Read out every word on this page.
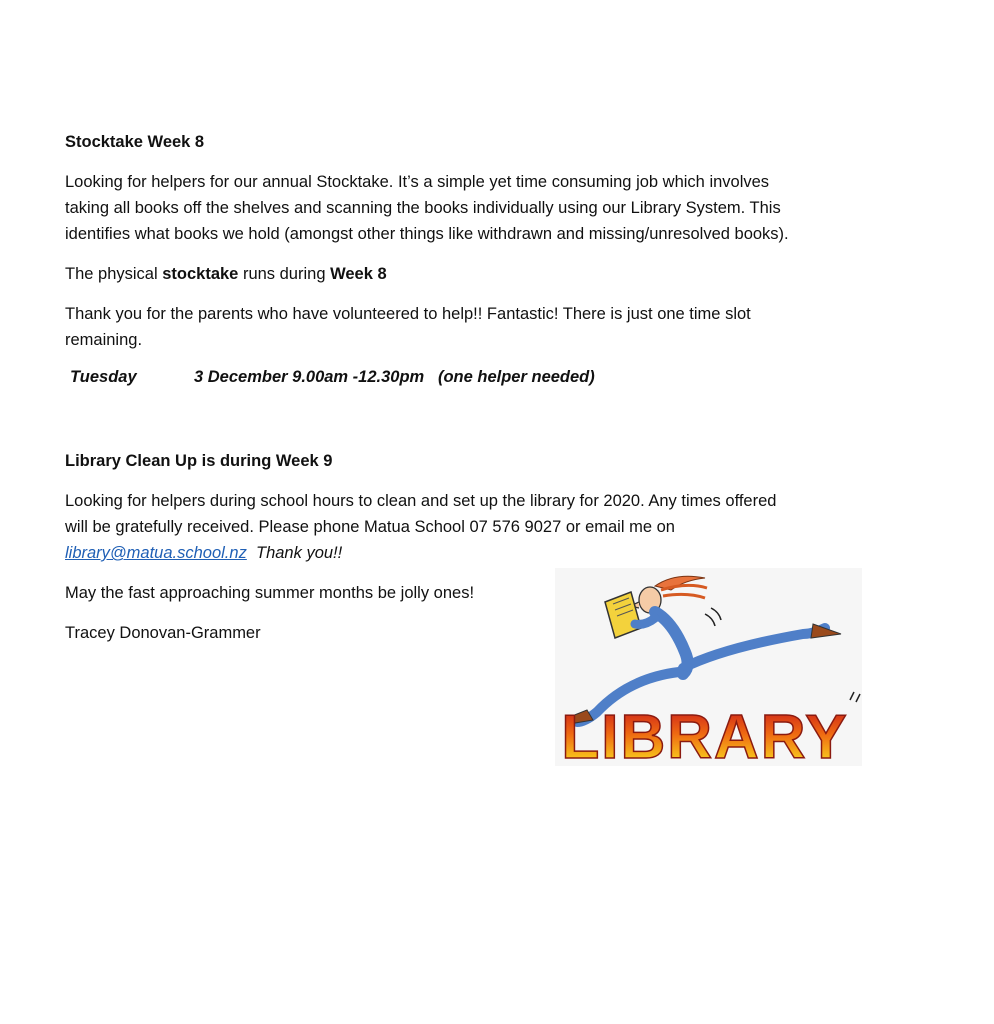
Stocktake Week 8

Looking for helpers for our annual Stocktake. It’s a simple yet time consuming job which involves

taking all books off the shelves and scanning the books individually using our Library System. This

identifies what books we hold (amongst other things like withdrawn and missing/unresolved books).

The physical stocktake runs during Week 8

Thank you for the parents who have volunteered to help!! Fantastic! There is just one time slot

remaining.

Tuesday	3 December 9.00am -12.30pm   (one helper needed)

Library Clean Up is during Week 9

Looking for helpers during school hours to clean and set up the library for 2020. Any times offered

will be gratefully received. Please phone Matua School 07 576 9027 or email me on

library@matua.school.nz Thank you!!

May the fast approaching summer months be jolly ones!

Tracey Donovan-Grammer

LIBRARY
